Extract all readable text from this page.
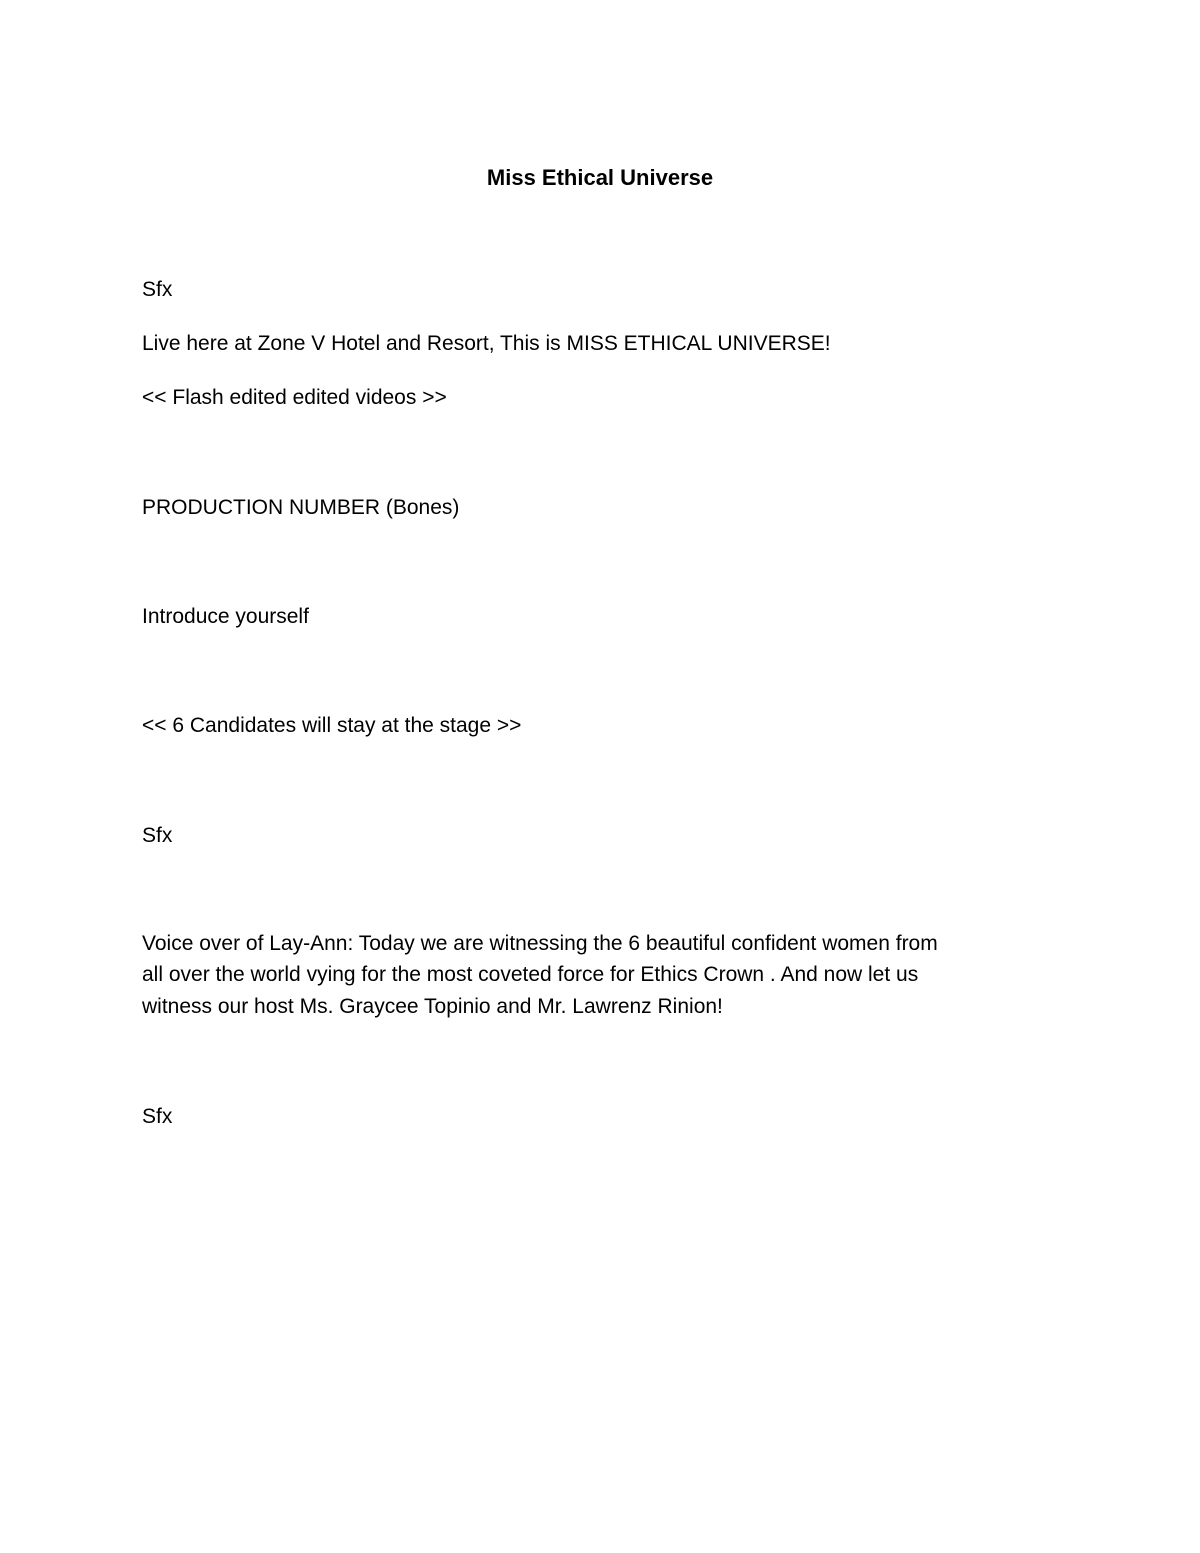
Miss Ethical Universe
Sfx
Live here at Zone V Hotel and Resort, This is MISS ETHICAL UNIVERSE!
<< Flash edited edited videos >>
PRODUCTION NUMBER (Bones)
Introduce yourself
<< 6 Candidates will stay at the stage >>
Sfx
Voice over of Lay-Ann: Today we are witnessing the 6 beautiful confident women from
all over the world vying for the most coveted force for Ethics Crown . And now let us
witness our host Ms. Graycee Topinio and Mr. Lawrenz Rinion!
Sfx
